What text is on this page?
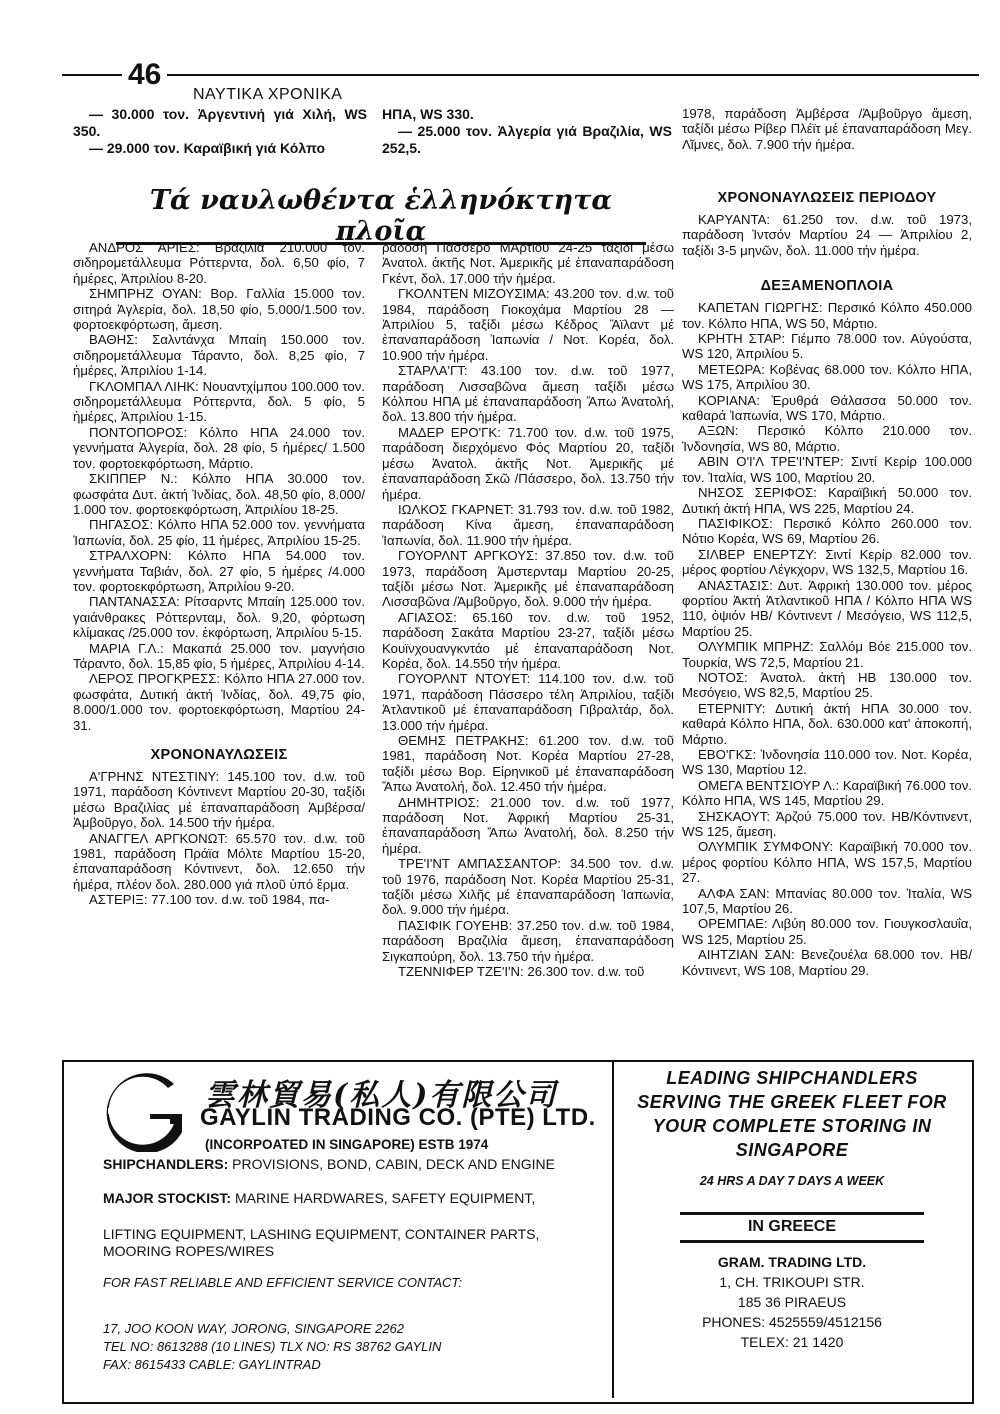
46
ΝΑΥΤΙΚΑ ΧΡΟΝΙΚΑ

— 30.000 τον. Ἀργεντινή γιά Χιλή, WS 350.

— 29.000 τον. Καραϊβική γιά Κόλπο

ΗΠΑ, WS 330.

— 25.000 τον. Ἀλγερία γιά Βραζιλία, WS 252,5.

1978, παράδοση Ἀμβέρσα /Ἀμβοῦργο ἄμεση, ταξίδι μέσω Ρίβερ Πλέϊτ μέ ἐπαναπαράδοση Μεγ. Λῖμνες, δολ. 7.900 τήν ἡμέρα.

Τά ναυλωθέντα ἑλληνόκτητα πλοῖα

ΑΝΔΡΟΣ ΑΡΙΕΣ: Βραζιλία 210.000 τον. σιδηρομετάλλευμα Ρόττερντα, δολ. 6,50 φίο, 7 ἡμέρες, Ἀπριλίου 8-20.

ΣΗΜΠΡΗΖ ΟΥΑΝ: Βορ. Γαλλία 15.000 τον. σιτηρά Ἀγλερία, δολ. 18,50 φίο, 5.000/1.500 τον. φορτοεκφόρτωση, ἄμεση.

ΒΑΘΗΣ: Σαλντάνχα Μπαίη 150.000 τον. σιδηρομετάλλευμα Τάραντο, δολ. 8,25 φίο, 7 ἡμέρες, Ἀπριλίου 1-14.

ΓΚΛΟΜΠΑΛ ΛΙΗΚ: Νουαντχίμπου 100.000 τον. σιδηρομετάλλευμα Ρόττερντα, δολ. 5 φίο, 5 ἡμέρες, Ἀπριλίου 1-15.

ΠΟΝΤΟΠΟΡΟΣ: Κόλπο ΗΠΑ 24.000 τον. γεννήματα Ἀλγερία, δολ. 28 φίο, 5 ἡμέρες/ 1.500 τον. φορτοεκφόρτωση, Μάρτιο.

ΣΚΙΠΠΕΡ Ν.: Κόλπο ΗΠΑ 30.000 τον. φωσφάτα Δυτ. ἀκτή Ἰνδίας, δολ. 48,50 φίο, 8.000/ 1.000 τον. φορτοεκφόρτωση, Ἀπριλίου 18-25.

ΠΗΓΑΣΟΣ: Κόλπο ΗΠΑ 52.000 τον. γεννήματα Ἰαπωνία, δολ. 25 φίο, 11 ἡμέρες, Ἀπριλίου 15-25.

ΣΤΡΑΛΧΟΡΝ: Κόλπο ΗΠΑ 54.000 τον. γεννήματα Ταβιάν, δολ. 27 φίο, 5 ἡμέρες /4.000 τον. φορτοεκφόρτωση, Ἀπριλίου 9-20.

ΠΑΝΤΑΝΑΣΣΑ: Ρίτσαρντς Μπαίη 125.000 τον. γαιάνθρακες Ρόττερνταμ, δολ. 9,20, φόρτωση κλίμακας /25.000 τον. ἐκφόρτωση, Ἀπριλίου 5-15.

ΜΑΡΙΑ Γ.Λ.: Μακαπά 25.000 τον. μαγνήσιο Τάραντο, δολ. 15,85 φίο, 5 ἡμέρες, Ἀπριλίου 4-14.

ΛΕΡΟΣ ΠΡΟΓΚΡΕΣΣ: Κόλπο ΗΠΑ 27.000 τον. φωσφάτα, Δυτική ἀκτή Ἰνδίας, δολ. 49,75 φίο, 8.000/1.000 τον. φορτοεκφόρτωση, Μαρτίου 24-31.

ΧΡΟΝΟΝΑΥΛΩΣΕΙΣ

Α'ΓΡΗΝΣ ΝΤΕΣΤΙΝΥ: 145.100 τον. d.w. τοῦ 1971, παράδοση Κόντινεντ Μαρτίου 20-30, ταξίδι μέσω Βραζιλίας μέ ἐπαναπαράδοση Ἀμβέρσα/ Ἀμβοῦργο, δολ. 14.500 τήν ἡμέρα.

ΑΝΑΓΓΕΛ ΑΡΓΚΟΝΩΤ: 65.570 τον. d.w. τοῦ 1981, παράδοση Πράϊα Μόλτε Μαρτίου 15-20, ἐπαναπαράδοση Κόντινεντ, δολ. 12.650 τήν ἡμέρα, πλέον δολ. 280.000 γιά πλοῦ ὑπό ἕρμα.

ΑΣΤΕΡΙΞ: 77.100 τον. d.w. τοῦ 1984, πα-

ράδοση Πάσσερο ΜΑρτίου 24-25 ταξίδι μέσω Ἀνατολ. ἀκτῆς Νοτ. Ἀμερικῆς μέ ἐπαναπαράδοση Γκέντ, δολ. 17.000 τήν ἡμέρα.

ΓΚΟΛΝΤΕΝ ΜΙΖΟΥΣΙΜΑ: 43.200 τον. d.w. τοῦ 1984, παράδοση Γιοκοχάμα Μαρτίου 28 — Ἀπριλίου 5, ταξίδι μέσω Κέδρος Ἄϊλαντ μέ ἐπαναπαράδοση Ἰαπωνία / Νοτ. Κορέα, δολ. 10.900 τήν ἡμέρα.

ΣΤΑΡΛΑ'ΓΤ: 43.100 τον. d.w. τοῦ 1977, παράδοση Λισσαβῶνα ἄμεση ταξίδι μέσω Κόλπου ΗΠΑ μέ ἐπαναπαράδοση Ἄπω Ἀνατολή, δολ. 13.800 τήν ἡμέρα.

ΜΑΔΕΡ ΕΡΟ'ΓΚ: 71.700 τον. d.w. τοῦ 1975, παράδοση διερχόμενο Φός Μαρτίου 20, ταξίδι μέσω Ἀνατολ. ἀκτῆς Νοτ. Ἀμερικῆς μέ ἐπαναπαράδοση Σκῶ /Πάσσερο, δολ. 13.750 τήν ἡμέρα.

ΙΩΛΚΟΣ ΓΚΑΡΝΕΤ: 31.793 τον. d.w. τοῦ 1982, παράδοση Κίνα ἄμεση, ἐπαναπαράδοση Ἰαπωνία, δολ. 11.900 τήν ἡμέρα.

ΓΟΥΟΡΛΝΤ ΑΡΓΚΟΥΣ: 37.850 τον. d.w. τοῦ 1973, παράδοση Ἀμστερνταμ Μαρτίου 20-25, ταξίδι μέσω Νοτ. Ἀμερικῆς μέ ἐπαναπαράδοση Λισσαβῶνα /Ἀμβοῦργο, δολ. 9.000 τήν ἡμέρα.

ΑΓΙΑΣΟΣ: 65.160 τον. d.w. τοῦ 1952, παράδοση Σακάτα Μαρτίου 23-27, ταξίδι μέσω Κουϊνχουανγκντάο μέ ἐπαναπαράδοση Νοτ. Κορέα, δολ. 14.550 τήν ἡμέρα.

ΓΟΥΟΡΛΝΤ ΝΤΟΥΕΤ: 114.100 τον. d.w. τοῦ 1971, παράδοση Πάσσερο τέλη Ἀπριλίου, ταξίδι Ἀτλαντικοῦ μέ ἐπαναπαράδοση Γιβραλτάρ, δολ. 13.000 τήν ἡμέρα.

ΘΕΜΗΣ ΠΕΤΡΑΚΗΣ: 61.200 τον. d.w. τοῦ 1981, παράδοση Νοτ. Κορέα Μαρτίου 27-28, ταξίδι μέσω Βορ. Εἰρηνικοῦ μέ ἐπαναπαράδοση Ἄπω Ἀνατολή, δολ. 12.450 τήν ἡμέρα.

ΔΗΜΗΤΡΙΟΣ: 21.000 τον. d.w. τοῦ 1977, παράδοση Νοτ. Ἀφρική Μαρτίου 25-31, ἐπαναπαράδοση Ἄπω Ἀνατολή, δολ. 8.250 τήν ἡμέρα.

ΤΡΕ'Ι'ΝΤ ΑΜΠΑΣΣΑΝΤΟΡ: 34.500 τον. d.w. τοῦ 1976, παράδοση Νοτ. Κορέα Μαρτίου 25-31, ταξίδι μέσω Χιλῆς μέ ἐπαναπαράδοση Ἰαπωνία, δολ. 9.000 τήν ἡμέρα.

ΠΑΣΙΦΙΚ ΓΟΥΕΗΒ: 37.250 τον. d.w. τοῦ 1984, παράδοση Βραζιλία ἄμεση, ἐπαναπαράδοση Σιγκαπούρη, δολ. 13.750 τήν ἡμέρα.

ΤΖΕΝΝΙΦΕΡ ΤΖΕ'Ι'Ν: 26.300 τον. d.w. τοῦ

ΧΡΟΝΟΝΑΥΛΩΣΕΙΣ ΠΕΡΙΟΔΟΥ

ΚΑΡΥΑΝΤΑ: 61.250 τον. d.w. τοῦ 1973, παράδοση Ἰντσόν Μαρτίου 24 — Ἀπριλίου 2, ταξίδι 3-5 μηνῶν, δολ. 11.000 τήν ἡμέρα.

ΔΕΞΑΜΕΝΟΠΛΟΙΑ

ΚΑΠΕΤΑΝ ΓΙΩΡΓΗΣ: Περσικό Κόλπο 450.000 τον. Κόλπο ΗΠΑ, WS 50, Μάρτιο.

ΚΡΗΤΗ ΣΤΑΡ: Γιέμπο 78.000 τον. Αὐγούστα, WS 120, Ἀπριλίου 5.

ΜΕΤΕΩΡΑ: Κοβένας 68.000 τον. Κόλπο ΗΠΑ, WS 175, Ἀπριλίου 30.

ΚΟΡΙΑΝΑ: Ἐρυθρά Θάλασσα 50.000 τον. καθαρά Ἰαπωνία, WS 170, Μάρτιο.

ΑΞΩΝ: Περσικό Κόλπο 210.000 τον. Ἰνδονησία, WS 80, Μάρτιο.

ΑΒΙΝ Ο'Ι'Λ ΤΡΕ'Ι'ΝΤΕΡ: Σιντί Κερίρ 100.000 τον. Ἰταλία, WS 100, Μαρτίου 20.

ΝΗΣΟΣ ΣΕΡΙΦΟΣ: Καραϊβική 50.000 τον. Δυτική ἀκτή ΗΠΑ, WS 225, Μαρτίου 24.

ΠΑΣΙΦΙΚΟΣ: Περσικό Κόλπο 260.000 τον. Νότιο Κορέα, WS 69, Μαρτίου 26.

ΣΙΛΒΕΡ ΕΝΕΡΤΖΥ: Σιντί Κερίρ 82.000 τον. μέρος φορτίου Λέγκχορν, WS 132,5, Μαρτίου 16.

ΑΝΑΣΤΑΣΙΣ: Δυτ. Ἀφρική 130.000 τον. μέρος φορτίου Ἀκτή Ἀτλαντικοῦ ΗΠΑ / Κόλπο ΗΠΑ WS 110, ὀψιόν ΗΒ/ Κόντινεντ / Μεσόγειο, WS 112,5, Μαρτίου 25.

ΟΛΥΜΠΙΚ ΜΠΡΗΖ: Σαλλόμ Βόε 215.000 τον. Τουρκία, WS 72,5, Μαρτίου 21.

ΝΟΤΟΣ: Ἀνατολ. ἀκτή ΗΒ 130.000 τον. Μεσόγειο, WS 82,5, Μαρτίου 25.

ΕΤΕΡΝΙΤΥ: Δυτική ἀκτή ΗΠΑ 30.000 τον. καθαρά Κόλπο ΗΠΑ, δολ. 630.000 κατ' ἀποκοπή, Μάρτιο.

ΕΒΟ'ΓΚΣ: Ἰνδονησία 110.000 τον. Νοτ. Κορέα, WS 130, Μαρτίου 12.

ΟΜΕΓΑ ΒΕΝΤΣΙΟΥΡ Λ.: Καραϊβική 76.000 τον. Κόλπο ΗΠΑ, WS 145, Μαρτίου 29.

ΣΗΣΚΑΟΥΤ: Ἀρζού 75.000 τον. ΗΒ/Κόντινεντ, WS 125, ἄμεση.

ΟΛΥΜΠΙΚ ΣΥΜΦΟΝΥ: Καραϊβική 70.000 τον. μέρος φορτίου Κόλπο ΗΠΑ, WS 157,5, Μαρτίου 27.

ΑΛΦΑ ΣΑΝ: Μπανίας 80.000 τον. Ἰταλία, WS 107,5, Μαρτίου 26.

ΟΡΕΜΠΑΕ: Λιβύη 80.000 τον. Γιουγκοσλαυΐα, WS 125, Μαρτίου 25.

ΑΙΗΤΖΙΑΝ ΣΑΝ: Βενεζουέλα 68.000 τον. ΗΒ/Κόντινεντ, WS 108, Μαρτίου 29.

雲林貿易(私人)有限公司
GAYLIN TRADING CO. (PTE) LTD.
(INCORPOATED IN SINGAPORE) ESTB 1974
SHIPCHANDLERS: PROVISIONS, BOND, CABIN, DECK AND ENGINE
MAJOR STOCKIST: MARINE HARDWARES, SAFETY EQUIPMENT,
LIFTING EQUIPMENT, LASHING EQUIPMENT, CONTAINER PARTS, MOORING ROPES/WIRES
FOR FAST RELIABLE AND EFFICIENT SERVICE CONTACT:
17, JOO KOON WAY, JORONG, SINGAPORE 2262
TEL NO: 8613288 (10 LINES) TLX NO: RS 38762 GAYLIN
FAX: 8615433 CABLE: GAYLINTRAD
LEADING SHIPCHANDLERS SERVING THE GREEK FLEET FOR YOUR COMPLETE STORING IN SINGAPORE
24 HRS A DAY 7 DAYS A WEEK
IN GREECE
GRAM. TRADING LTD.
1, CH. TRIKOUPI STR.
185 36 PIRAEUS
PHONES: 4525559/4512156
TELEX: 21 1420
